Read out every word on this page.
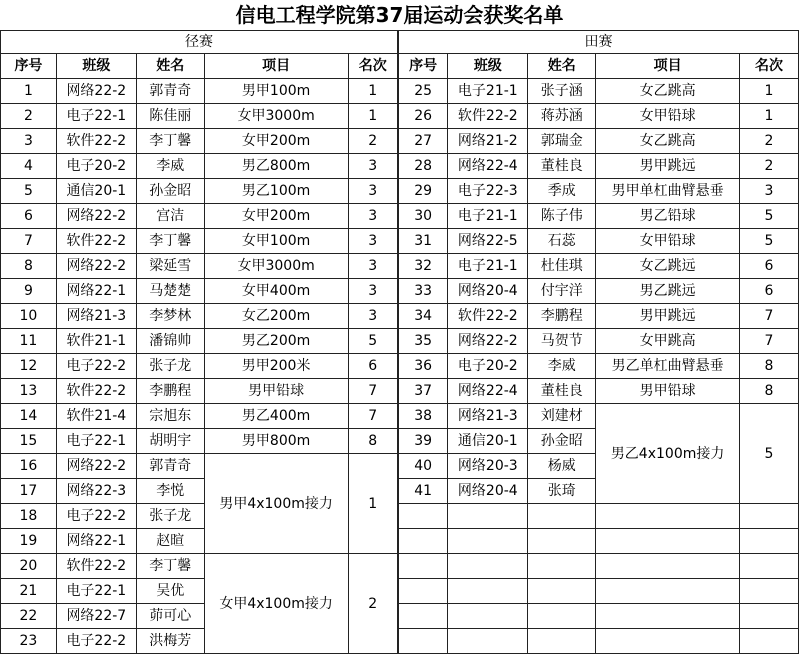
信电工程学院第37届运动会获奖名单
径赛					田赛				
序号	班级	姓名	项目	名次	序号	班级	姓名	项目	名次
1	网络22-2	郭青奇	男甲100m	1	25	电子21-1	张子涵	女乙跳高	1
2	电子22-1	陈佳丽	女甲3000m	1	26	软件22-2	蒋苏涵	女甲铅球	1
3	软件22-2	李丁馨	女甲200m	2	27	网络21-2	郭瑞金	女乙跳高	2
4	电子20-2	李威	男乙800m	3	28	网络22-4	董桂良	男甲跳远	2
5	通信20-1	孙金昭	男乙100m	3	29	电子22-3	季成	男甲单杠曲臂悬垂	3
6	网络22-2	宫洁	女甲200m	3	30	电子21-1	陈子伟	男乙铅球	5
7	软件22-2	李丁馨	女甲100m	3	31	网络22-5	石蕊	女甲铅球	5
8	网络22-2	梁延雪	女甲3000m	3	32	电子21-1	杜佳琪	女乙跳远	6
9	网络22-1	马楚楚	女甲400m	3	33	网络20-4	付宇洋	男乙跳远	6
10	网络21-3	李梦林	女乙200m	3	34	软件22-2	李鹏程	男甲跳远	7
11	软件21-1	潘锦帅	男乙200m	5	35	网络22-2	马贺节	女甲跳高	7
12	电子22-2	张子龙	男甲200米	6	36	电子20-2	李威	男乙单杠曲臂悬垂	8
13	软件22-2	李鹏程	男甲铅球	7	37	网络22-4	董桂良	男甲铅球	8
14	软件21-4	宗旭东	男乙400m	7	38	网络21-3	刘建材	男乙4x100m接力	5
15	电子22-1	胡明宇	男甲800m	8	39	通信20-1	孙金昭		
16	网络22-2	郭青奇	男甲4x100m接力	1	40	网络20-3	杨威		
17	网络22-3	李悦			41	网络20-4	张琦		
18	电子22-2	张子龙							
19	网络22-1	赵暄							
20	软件22-2	李丁馨	女甲4x100m接力	2					
21	电子22-1	吴优							
22	网络22-7	茆可心							
23	电子22-2	洪梅芳							
